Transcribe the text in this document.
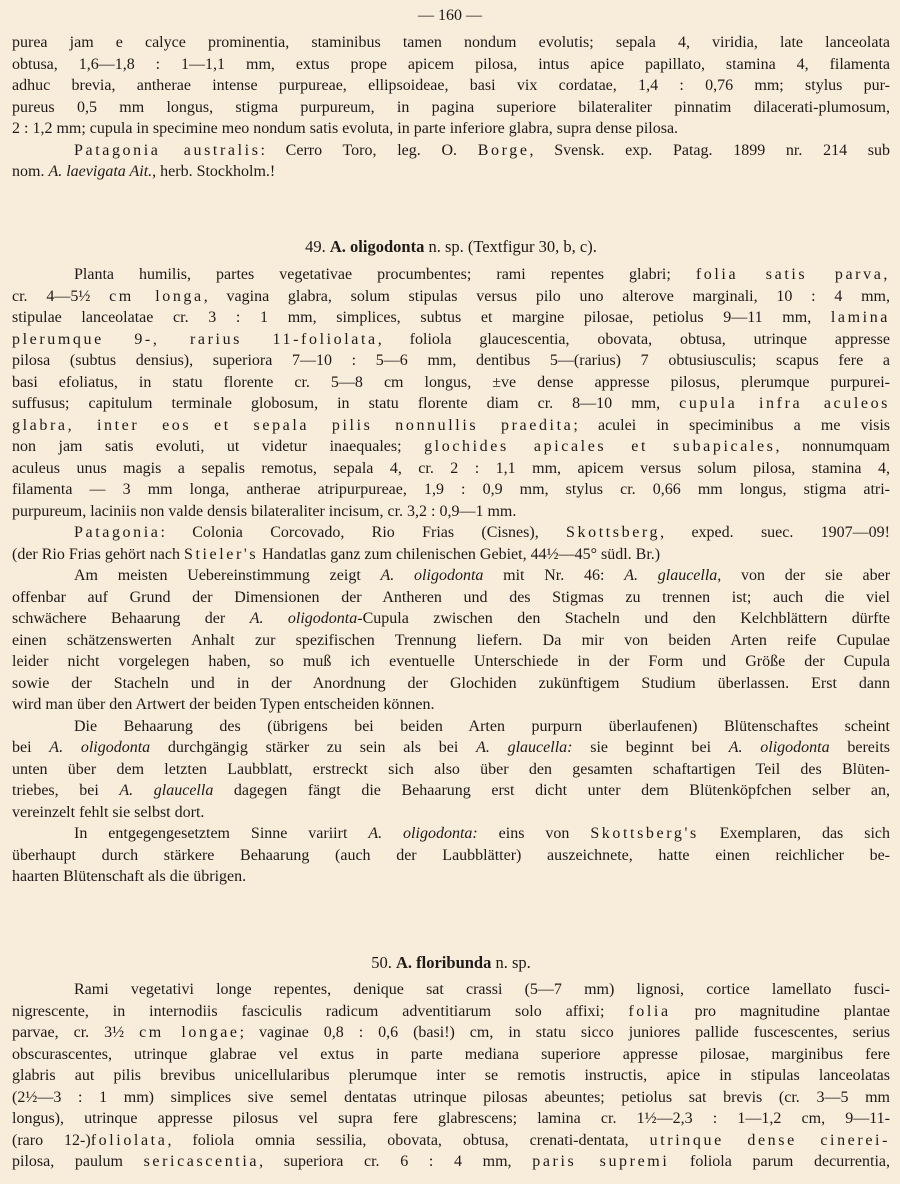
— 160 —
purea jam e calyce prominentia, staminibus tamen nondum evolutis; sepala 4, viridia, late lanceolata
obtusa, 1,6—1,8 : 1—1,1 mm, extus prope apicem pilosa, intus apice papillato, stamina 4, filamenta
adhuc brevia, antherae intense purpureae, ellipsoideae, basi vix cordatae, 1,4 : 0,76 mm; stylus pur-
pureus 0,5 mm longus, stigma purpureum, in pagina superiore bilateraliter pinnatim dilacerati-plumosum,
2 : 1,2 mm; cupula in specimine meo nondum satis evoluta, in parte inferiore glabra, supra dense pilosa.
Patagonia australis: Cerro Toro, leg. O. Borge, Svensk. exp. Patag. 1899 nr. 214 sub
nom. A. laevigata Ait., herb. Stockholm.!
49. A. oligodonta n. sp. (Textfigur 30, b, c).
Planta humilis, partes vegetativae procumbentes; rami repentes glabri; folia satis parva,
cr. 4—5½ cm longa, vagina glabra, solum stipulas versus pilo uno alterove marginali, 10 : 4 mm,
stipulae lanceolatae cr. 3 : 1 mm, simplices, subtus et margine pilosae, petiolus 9—11 mm, lamina
plerumque 9-, rarius 11-foliolata, foliola glaucescentia, obovata, obtusa, utrinque appresse
pilosa (subtus densius), superiora 7—10 : 5—6 mm, dentibus 5—(rarius) 7 obtusiusculis; scapus fere a
basi efoliatus, in statu florente cr. 5—8 cm longus, ±ve dense appresse pilosus, plerumque purpurei-
suffusus; capitulum terminale globosum, in statu florente diam cr. 8—10 mm, cupula infra aculeos
glabra, inter eos et sepala pilis nonnullis praedita; aculei in speciminibus a me visis
non jam satis evoluti, ut videtur inaequales; glochides apicales et subapicales, nonnumquam
aculeus unus magis a sepalis remotus, sepala 4, cr. 2 : 1,1 mm, apicem versus solum pilosa, stamina 4,
filamenta — 3 mm longa, antherae atripurpureae, 1,9 : 0,9 mm, stylus cr. 0,66 mm longus, stigma atri-
purpureum, laciniis non valde densis bilateraliter incisum, cr. 3,2 : 0,9—1 mm.
Patagonia: Colonia Corcovado, Rio Frias (Cisnes), Skottsberg, exped. suec. 1907—09!
(der Rio Frias gehört nach Stieler's Handatlas ganz zum chilenischen Gebiet, 44½—45° südl. Br.)
Am meisten Uebereinstimmung zeigt A. oligodonta mit Nr. 46: A. glaucella, von der sie aber
offenbar auf Grund der Dimensionen der Antheren und des Stigmas zu trennen ist; auch die viel
schwächere Behaarung der A. oligodonta-Cupula zwischen den Stacheln und den Kelchblättern dürfte
einen schätzenswerten Anhalt zur spezifischen Trennung liefern. Da mir von beiden Arten reife Cupulae
leider nicht vorgelegen haben, so muß ich eventuelle Unterschiede in der Form und Größe der Cupula
sowie der Stacheln und in der Anordnung der Glochiden zukünftigem Studium überlassen. Erst dann
wird man über den Artwert der beiden Typen entscheiden können.
Die Behaarung des (übrigens bei beiden Arten purpurn überlaufenen) Blütenschaftes scheint
bei A. oligodonta durchgängig stärker zu sein als bei A. glaucella: sie beginnt bei A. oligodonta bereits
unten über dem letzten Laubblatt, erstreckt sich also über den gesamten schaftartigen Teil des Blüten-
triebes, bei A. glaucella dagegen fängt die Behaarung erst dicht unter dem Blütenköpfchen selber an,
vereinzelt fehlt sie selbst dort.
In entgegengesetztem Sinne variirt A. oligodonta: eins von Skottsberg's Exemplaren, das sich
überhaupt durch stärkere Behaarung (auch der Laubblätter) auszeichnete, hatte einen reichlicher be-
haarten Blütenschaft als die übrigen.
50. A. floribunda n. sp.
Rami vegetativi longe repentes, denique sat crassi (5—7 mm) lignosi, cortice lamellato fusci-
nigrescente, in internodiis fasciculis radicum adventitiarum solo affixi; folia pro magnitudine plantae
parvae, cr. 3½ cm longae; vaginae 0,8 : 0,6 (basi!) cm, in statu sicco juniores pallide fuscescentes, serius
obscurascentes, utrinque glabrae vel extus in parte mediana superiore appresse pilosae, marginibus fere
glabris aut pilis brevibus unicellularibus plerumque inter se remotis instructis, apice in stipulas lanceolatas
(2½—3 : 1 mm) simplices sive semel dentatas utrinque pilosas abeuntes; petiolus sat brevis (cr. 3—5 mm
longus), utrinque appresse pilosus vel supra fere glabrescens; lamina cr. 1½—2,3 : 1—1,2 cm, 9—11-
(raro 12-)foliolata, foliola omnia sessilia, obovata, obtusa, crenati-dentata, utrinque dense cinerei-
pilosa, paulum sericascentia, superiora cr. 6 : 4 mm, paris supremi foliola parum decurrentia,
